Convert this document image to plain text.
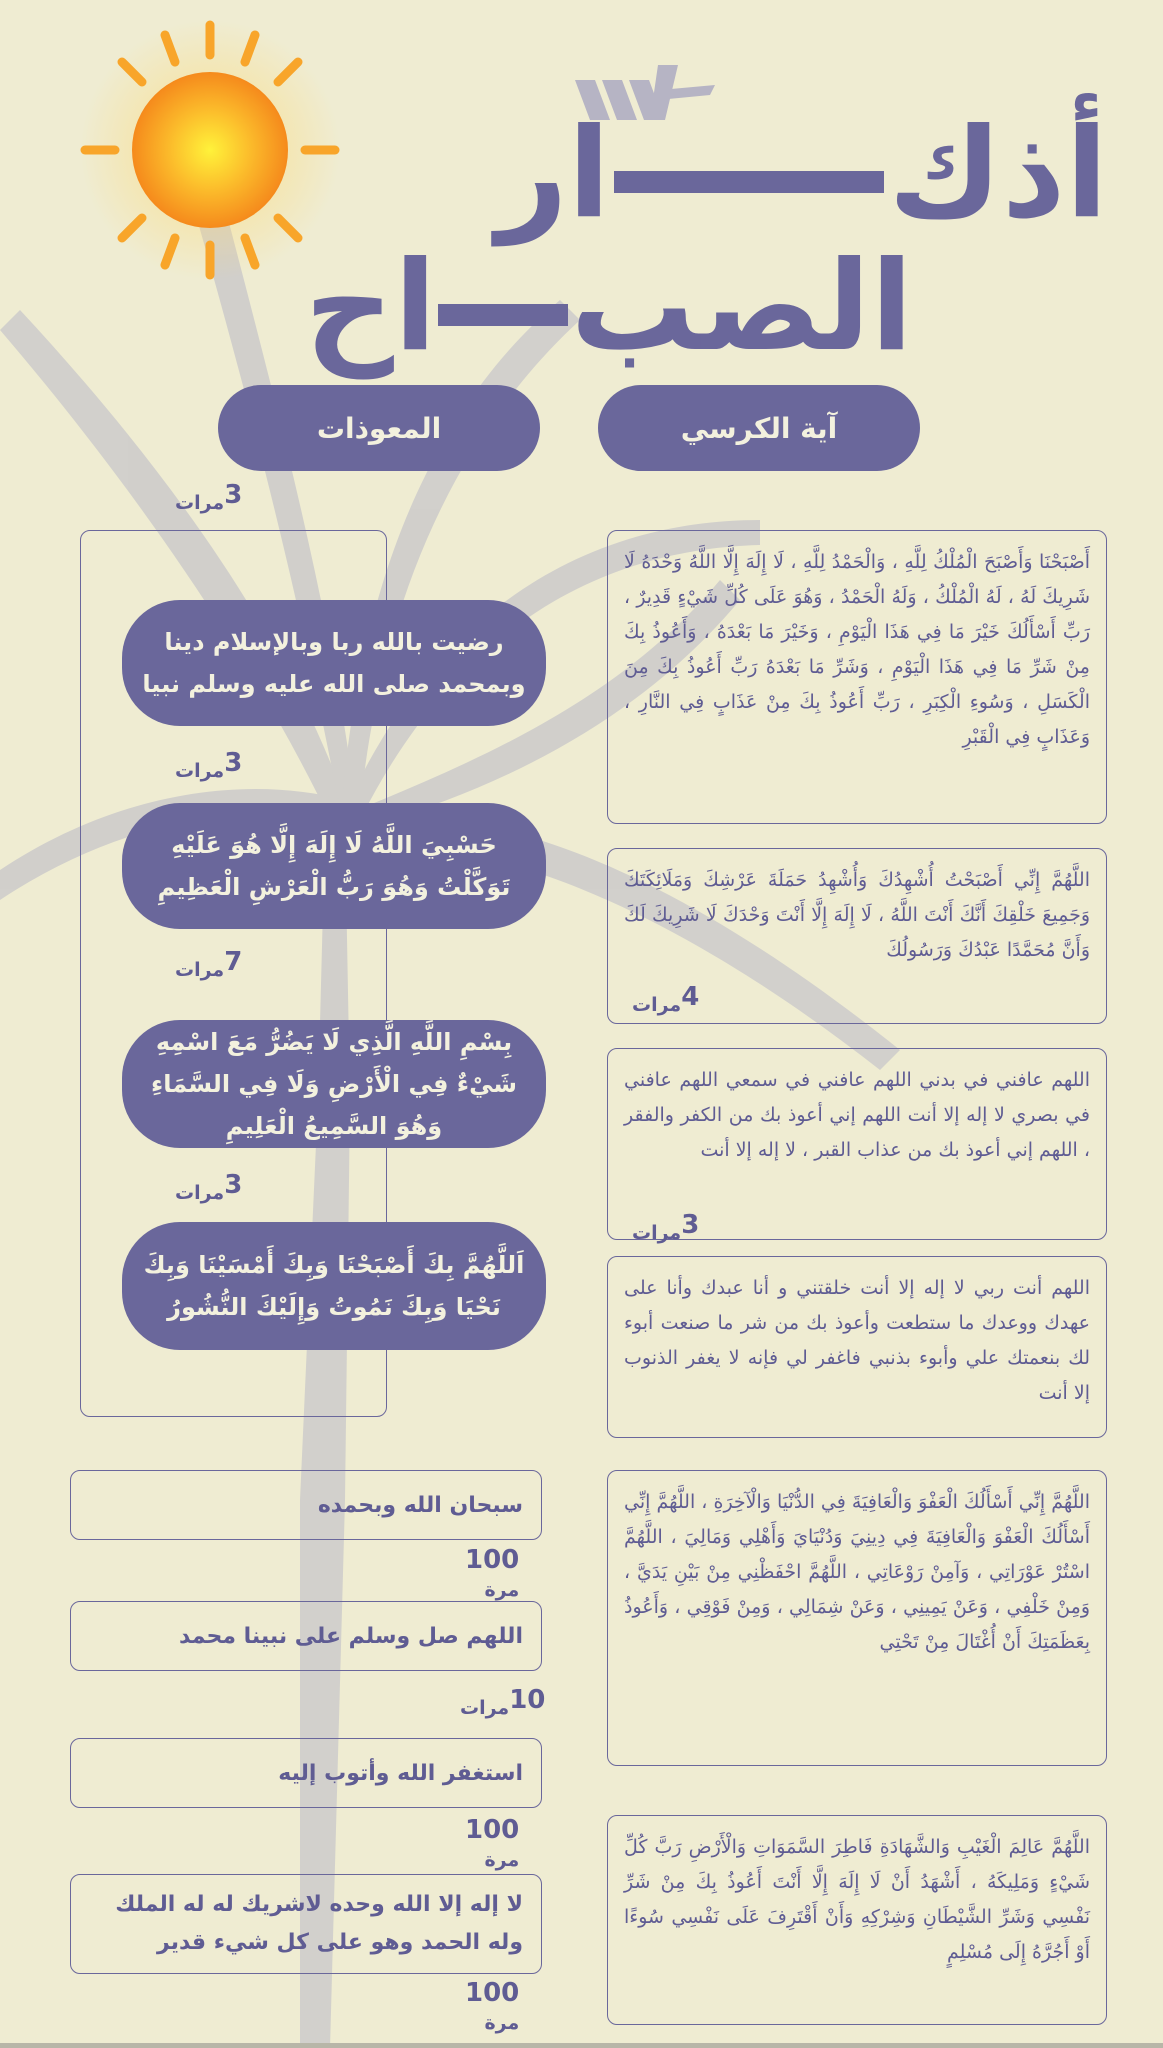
أذكار
الصباح
آية الكرسي
المعوذات
3مرات
رضيت بالله ربا وبالإسلام دينا وبمحمد صلى الله عليه وسلم نبيا
3مرات
حَسْبِيَ اللَّهُ لَا إِلَهَ إِلَّا هُوَ عَلَيْهِ تَوَكَّلْتُ وَهُوَ رَبُّ الْعَرْشِ الْعَظِيمِ
7مرات
بِسْمِ اللَّهِ الَّذِي لَا يَضُرُّ مَعَ اسْمِهِ شَيْءٌ فِي الْأَرْضِ وَلَا فِي السَّمَاءِ وَهُوَ السَّمِيعُ الْعَلِيمِ
3مرات
اَللَّهُمَّ بِكَ أَصْبَحْنَا وَبِكَ أَمْسَيْنَا وَبِكَ نَحْيَا وَبِكَ نَمُوتُ وَإِلَيْكَ النُّشُورُ

أَصْبَحْنَا وَأَصْبَحَ الْمُلْكُ لِلَّهِ ، وَالْحَمْدُ لِلَّهِ ، لَا إِلَهَ إِلَّا اللَّهُ وَحْدَهُ لَا شَرِيكَ لَهُ ، لَهُ الْمُلْكُ ، وَلَهُ الْحَمْدُ ، وَهُوَ عَلَى كُلِّ شَيْءٍ قَدِيرٌ ، رَبِّ أَسْأَلُكَ خَيْرَ مَا فِي هَذَا الْيَوْمِ ، وَخَيْرَ مَا بَعْدَهُ ، وَأَعُوذُ بِكَ مِنْ شَرِّ مَا فِي هَذَا الْيَوْمِ ، وَشَرِّ مَا بَعْدَهُ رَبِّ أَعُوذُ بِكَ مِنَ الْكَسَلِ ، وَسُوءِ الْكِبَرِ ، رَبِّ أَعُوذُ بِكَ مِنْ عَذَابٍ فِي النَّارِ ، وَعَذَابٍ فِي الْقَبْرِ

اللَّهُمَّ إِنِّي أَصْبَحْتُ أُشْهِدُكَ وَأُشْهِدُ حَمَلَةَ عَرْشِكَ وَمَلَائِكَتَكَ وَجَمِيعَ خَلْقِكَ أَنَّكَ أَنْتَ اللَّهُ ، لَا إِلَهَ إِلَّا أَنْتَ وَحْدَكَ لَا شَرِيكَ لَكَ وَأَنَّ مُحَمَّدًا عَبْدُكَ وَرَسُولُكَ

4مرات

اللهم عافني في بدني اللهم عافني في سمعي اللهم عافني في بصري لا إله إلا أنت اللهم إني أعوذ بك من الكفر والفقر ، اللهم إني أعوذ بك من عذاب القبر ، لا إله إلا أنت

3مرات

اللهم أنت ربي لا إله إلا أنت خلقتني و أنا عبدك وأنا على عهدك ووعدك ما ستطعت وأعوذ بك من شر ما صنعت أبوء لك بنعمتك علي وأبوء بذنبي فاغفر لي فإنه لا يغفر الذنوب إلا أنت

اللَّهُمَّ إِنِّي أَسْأَلُكَ الْعَفْوَ وَالْعَافِيَةَ فِي الدُّنْيَا وَالْآخِرَةِ ، اللَّهُمَّ إِنِّي أَسْأَلُكَ الْعَفْوَ وَالْعَافِيَةَ فِي دِينِيَ وَدُنْيَايَ وَأَهْلِي وَمَالِيَ ، اللَّهُمَّ اسْتُرْ عَوْرَاتِي ، وَآمِنْ رَوْعَاتِي ، اللَّهُمَّ احْفَظْنِي مِنْ بَيْنِ يَدَيَّ ، وَمِنْ خَلْفِي ، وَعَنْ يَمِينِي ، وَعَنْ شِمَالِي ، وَمِنْ فَوْقِي ، وَأَعُوذُ بِعَظَمَتِكَ أَنْ أُغْتَالَ مِنْ تَحْتِي

اللَّهُمَّ عَالِمَ الْغَيْبِ وَالشَّهَادَةِ فَاطِرَ السَّمَوَاتِ وَالْأَرْضِ رَبَّ كُلِّ شَيْءٍ وَمَلِيكَهُ ، أَشْهَدُ أَنْ لَا إِلَهَ إِلَّا أَنْتَ أَعُوذُ بِكَ مِنْ شَرِّ نَفْسِي وَشَرِّ الشَّيْطَانِ وَشِرْكِهِ وَأَنْ أَقْتَرِفَ عَلَى نَفْسِي سُوءًا أَوْ أَجُرَّهُ إِلَى مُسْلِمٍ

سبحان الله وبحمده
100
مرة
اللهم صل وسلم على نبينا محمد
10مرات
استغفر الله وأتوب إليه
100
مرة
لا إله إلا الله وحده لاشريك له له الملك وله الحمد وهو على كل شيء قدير
100
مرة
